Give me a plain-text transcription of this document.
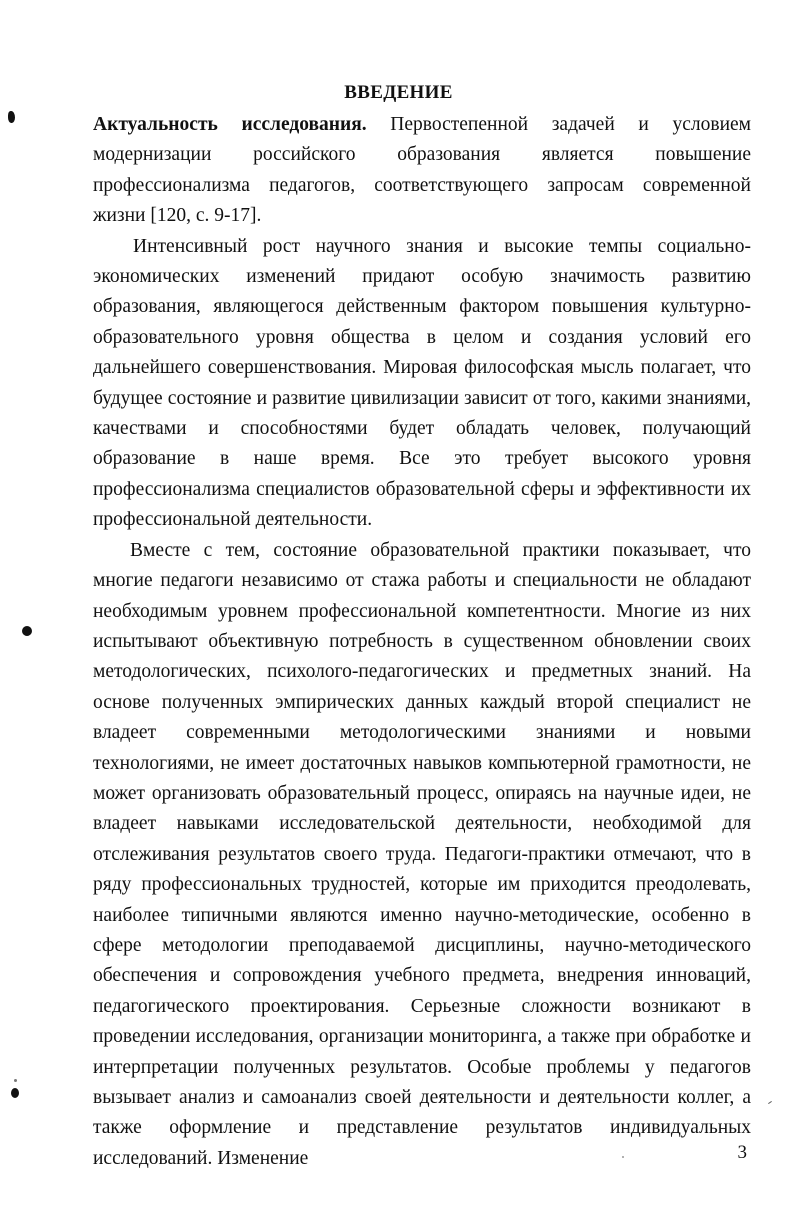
ВВЕДЕНИЕ

Актуальность исследования. Первостепенной задачей и условием модернизации российского образования является повышение профессионализма педагогов, соответствующего запросам современной жизни [120, с. 9-17].

Интенсивный рост научного знания и высокие темпы социально-экономических изменений придают особую значимость развитию образования, являющегося действенным фактором повышения культурно- образовательного уровня общества в целом и создания условий его дальнейшего совершенствования. Мировая философская мысль полагает, что будущее состояние и развитие цивилизации зависит от того, какими знаниями, качествами и способностями будет обладать человек, получающий образование в наше время. Все это требует высокого уровня профессионализма специалистов образовательной сферы и эффективности их профессиональной деятельности.

Вместе с тем, состояние образовательной практики показывает, что многие педагоги независимо от стажа работы и специальности не обладают необходимым уровнем профессиональной компетентности. Многие из них испытывают объективную потребность в существенном обновлении своих методологических, психолого-педагогических и предметных знаний. На основе полученных эмпирических данных каждый второй специалист не владеет современными методологическими знаниями и новыми технологиями, не имеет достаточных навыков компьютерной грамотности, не может организовать образовательный процесс, опираясь на научные идеи, не владеет навыками исследовательской деятельности, необходимой для отслеживания результатов своего труда. Педагоги-практики отмечают, что в ряду профессиональных трудностей, которые им приходится преодолевать, наиболее типичными являются именно научно-методические, особенно в сфере методологии преподаваемой дисциплины, научно-методического обеспечения и сопровождения учебного предмета, внедрения инноваций, педагогического проектирования. Серьезные сложности возникают в проведении исследования, организации мониторинга, а также при обработке и интерпретации полученных результатов. Особые проблемы у педагогов вызывает анализ и самоанализ своей деятельности и деятельности коллег, а также оформление и представление результатов индивидуальных исследований. Изменение	3
